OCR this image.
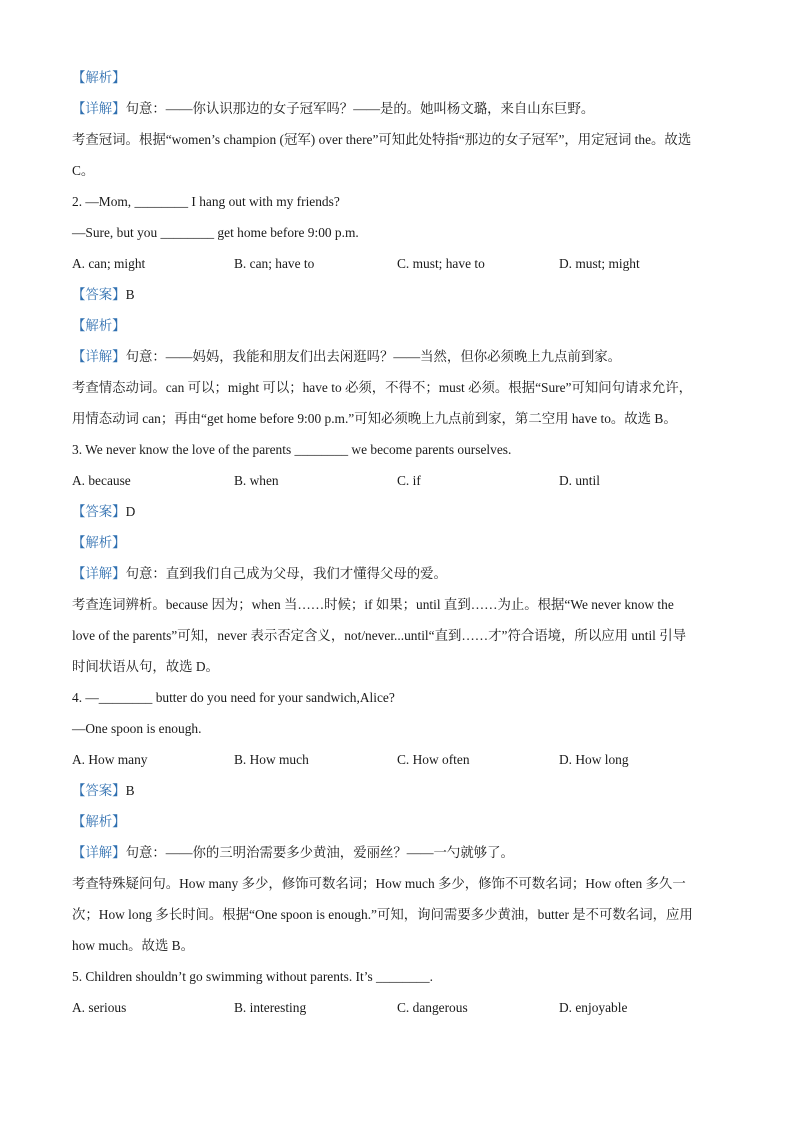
【解析】
【详解】句意：——你认识那边的女子冠军吗？——是的。她叫杨文璐，来自山东巨野。
考查冠词。根据“women’s champion (冠军) over there”可知此处特指“那边的女子冠军”，用定冠词 the。故选
C。
2. —Mom, ________ I hang out with my friends?
—Sure, but you ________ get home before 9:00 p.m.
A. can; might	B. can; have to	C. must; have to	D. must; might
【答案】B
【解析】
【详解】句意：——妈妈，我能和朋友们出去闲逛吗？——当然，但你必须晚上九点前到家。
考查情态动词。can 可以；might 可以；have to 必须，不得不；must 必须。根据“Sure”可知问句请求允许，
用情态动词 can；再由“get home before 9:00 p.m.”可知必须晚上九点前到家，第二空用 have to。故选 B。
3. We never know the love of the parents ________ we become parents ourselves.
A. because	B. when	C. if	D. until
【答案】D
【解析】
【详解】句意：直到我们自己成为父母，我们才懂得父母的爱。
考查连词辨析。because 因为；when 当……时候；if 如果；until 直到……为止。根据“We never know the
love of the parents”可知，never 表示否定含义，not/never...until“直到……才”符合语境，所以应用 until 引导
时间状语从句，故选 D。
4. —________ butter do you need for your sandwich,Alice?
—One spoon is enough.
A. How many	B. How much	C. How often	D. How long
【答案】B
【解析】
【详解】句意：——你的三明治需要多少黄油，爱丽丝？——一勺就够了。
考查特殊疑问句。How many 多少，修饰可数名词；How much 多少，修饰不可数名词；How often 多久一
次；How long 多长时间。根据“One spoon is enough.”可知，询问需要多少黄油，butter 是不可数名词，应用
how much。故选 B。
5. Children shouldn’t go swimming without parents. It’s ________.
A. serious	B. interesting	C. dangerous	D. enjoyable
